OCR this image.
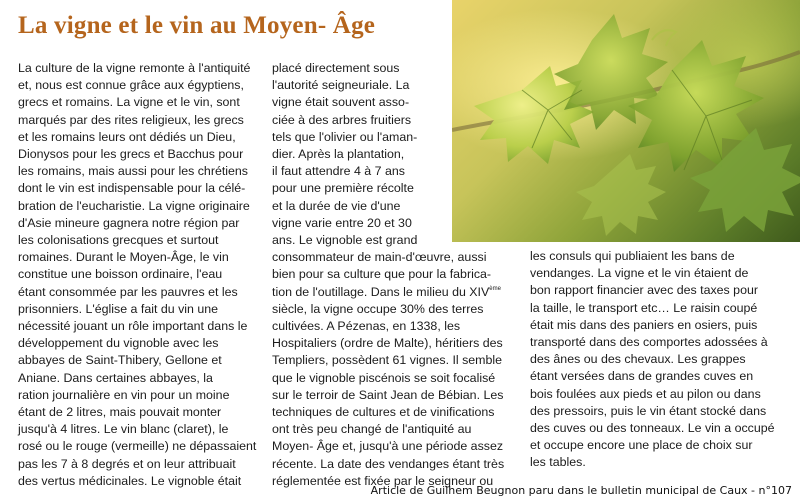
La vigne et le vin au Moyen- Âge

La culture de la vigne remonte à l'antiquité

et, nous est connue grâce aux égyptiens,

grecs et romains. La vigne et le vin, sont

marqués par des rites religieux, les grecs

et les romains leurs ont dédiés un Dieu,

Dionysos pour les grecs et Bacchus pour

les romains, mais aussi pour les chrétiens

dont le vin est indispensable pour la célé-

bration de l'eucharistie. La vigne originaire

d'Asie mineure gagnera notre région par

les colonisations grecques et surtout

romaines. Durant le Moyen-Âge, le vin

constitue une boisson ordinaire, l'eau

étant consommée par les pauvres et les

prisonniers. L'église a fait du vin une

nécessité jouant un rôle important dans le

développement du vignoble avec les

abbayes de Saint-Thibery, Gellone et

Aniane. Dans certaines abbayes, la

ration journalière en vin pour un moine

étant de 2 litres, mais pouvait monter

jusqu'à 4 litres. Le vin blanc (claret), le

rosé ou le rouge (vermeille) ne dépassaient

pas les 7 à 8 degrés et on leur attribuait

des vertus médicinales. Le vignoble était

placé directement sous

l'autorité seigneuriale. La

vigne était souvent asso-

ciée à des arbres fruitiers

tels que l'olivier ou l'aman-

dier. Après la plantation,

il faut attendre 4 à 7 ans

pour une première récolte

et la durée de vie d'une

vigne varie entre 20 et 30

ans. Le vignoble est grand

consommateur de main-d'œuvre, aussi

bien pour sa culture que pour la fabrica-

tion de l'outillage. Dans le milieu du XIVème

siècle, la vigne occupe 30% des terres

cultivées. A Pézenas, en 1338, les

Hospitaliers (ordre de Malte), héritiers des

Templiers, possèdent 61 vignes. Il semble

que le vignoble piscénois se soit focalisé

sur le terroir de Saint Jean de Bébian. Les

techniques de cultures et de vinifications

ont très peu changé de l'antiquité au

Moyen- Âge et, jusqu'à une période assez

récente. La date des vendanges étant très

réglementée est fixée par le seigneur ou

les consuls qui publiaient les bans de

vendanges. La vigne et le vin étaient de

bon rapport financier avec des taxes pour

la taille, le transport etc… Le raisin coupé

était mis dans des paniers en osiers, puis

transporté dans des comportes adossées à

des ânes ou des chevaux. Les grappes

étant versées dans de grandes cuves en

bois foulées aux pieds et au pilon ou dans

des pressoirs, puis le vin étant stocké dans

des cuves ou des tonneaux. Le vin a occupé

et occupe encore une place de choix sur

les tables.

Article de Guilhem Beugnon paru dans le bulletin municipal de Caux - n°107
